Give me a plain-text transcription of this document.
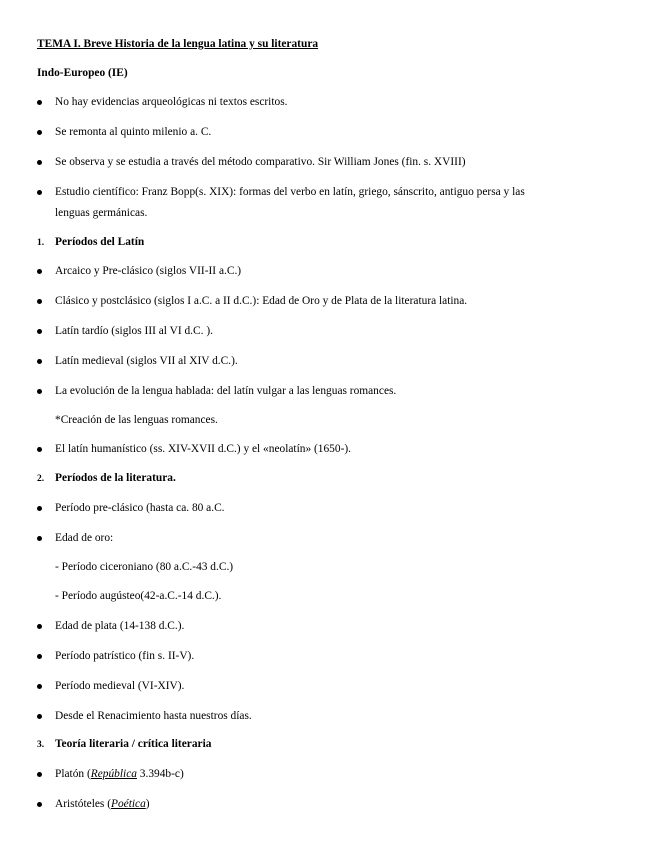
TEMA I. Breve Historia de la lengua latina y su literatura
Indo-Europeo (IE)
No hay evidencias arqueológicas ni textos escritos.
Se remonta al quinto milenio a. C.
Se observa y se estudia a través del método comparativo. Sir William Jones (fin. s. XVIII)
Estudio científico: Franz Bopp(s. XIX): formas del verbo en latín, griego, sánscrito, antiguo persa y las
lenguas germánicas.
1. Períodos del Latín
Arcaico y Pre-clásico (siglos VII-II a.C.)
Clásico y postclásico (siglos I a.C. a II d.C.): Edad de Oro y de Plata de la literatura latina.
Latín tardío (siglos III al VI d.C. ).
Latín medieval (siglos VII al XIV d.C.).
La evolución de la lengua hablada: del latín vulgar a las lenguas romances.
*Creación de las lenguas romances.
El latín humanístico (ss. XIV-XVII d.C.) y el «neolatín» (1650-).
2. Períodos de la literatura.
Período pre-clásico (hasta ca. 80 a.C.
Edad de oro:
- Período ciceroniano (80 a.C.-43 d.C.)
- Período augústeo(42-a.C.-14 d.C.).
Edad de plata (14-138 d.C.).
Período patrístico (fin s. II-V).
Período medieval (VI-XIV).
Desde el Renacimiento hasta nuestros días.
3. Teoría literaria / crítica literaria
Platón (República 3.394b-c)
Aristóteles (Poética)
